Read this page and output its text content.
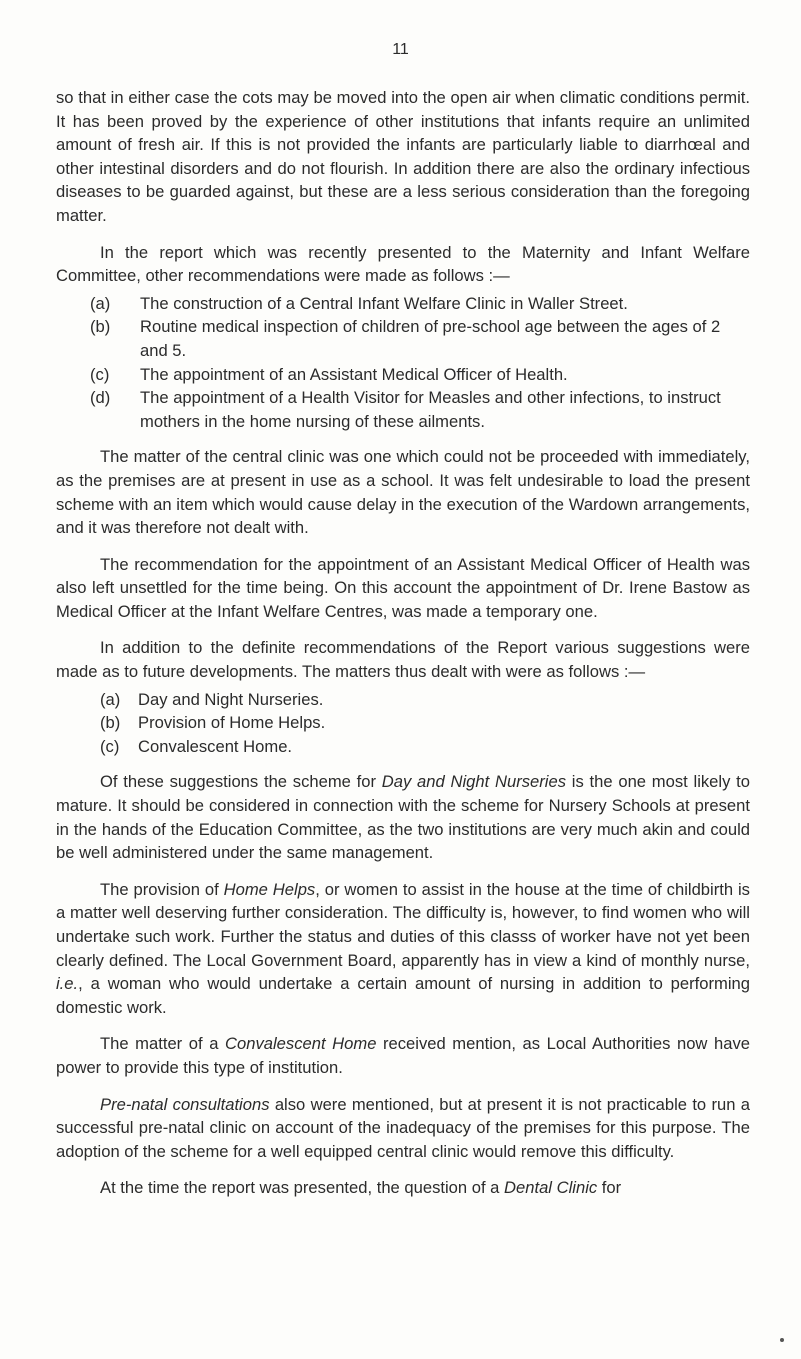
11

so that in either case the cots may be moved into the open air when climatic conditions permit. It has been proved by the experience of other institutions that infants require an unlimited amount of fresh air. If this is not provided the infants are particularly liable to diarrhœal and other intestinal disorders and do not flourish. In addition there are also the ordinary infectious diseases to be guarded against, but these are a less serious consideration than the foregoing matter.

In the report which was recently presented to the Maternity and Infant Welfare Committee, other recommendations were made as follows :—

(a)	The construction of a Central Infant Welfare Clinic in Waller Street.
(b)	Routine medical inspection of children of pre-school age between the ages of 2 and 5.
(c)	The appointment of an Assistant Medical Officer of Health.
(d)	The appointment of a Health Visitor for Measles and other infections, to instruct mothers in the home nursing of these ailments.

The matter of the central clinic was one which could not be proceeded with immediately, as the premises are at present in use as a school. It was felt undesirable to load the present scheme with an item which would cause delay in the execution of the Wardown arrangements, and it was therefore not dealt with.

The recommendation for the appointment of an Assistant Medical Officer of Health was also left unsettled for the time being. On this account the appointment of Dr. Irene Bastow as Medical Officer at the Infant Welfare Centres, was made a temporary one.

In addition to the definite recommendations of the Report various suggestions were made as to future developments. The matters thus dealt with were as follows :—

(a)	Day and Night Nurseries.
(b)	Provision of Home Helps.
(c)	Convalescent Home.

Of these suggestions the scheme for Day and Night Nurseries is the one most likely to mature. It should be considered in connection with the scheme for Nursery Schools at present in the hands of the Education Committee, as the two institutions are very much akin and could be well administered under the same management.

The provision of Home Helps, or women to assist in the house at the time of childbirth is a matter well deserving further consideration. The difficulty is, however, to find women who will undertake such work. Further the status and duties of this classs of worker have not yet been clearly defined. The Local Government Board, apparently has in view a kind of monthly nurse, i.e., a woman who would undertake a certain amount of nursing in addition to performing domestic work.

The matter of a Convalescent Home received mention, as Local Authorities now have power to provide this type of institution.

Pre-natal consultations also were mentioned, but at present it is not practicable to run a successful pre-natal clinic on account of the inadequacy of the premises for this purpose. The adoption of the scheme for a well equipped central clinic would remove this difficulty.

At the time the report was presented, the question of a Dental Clinic for
